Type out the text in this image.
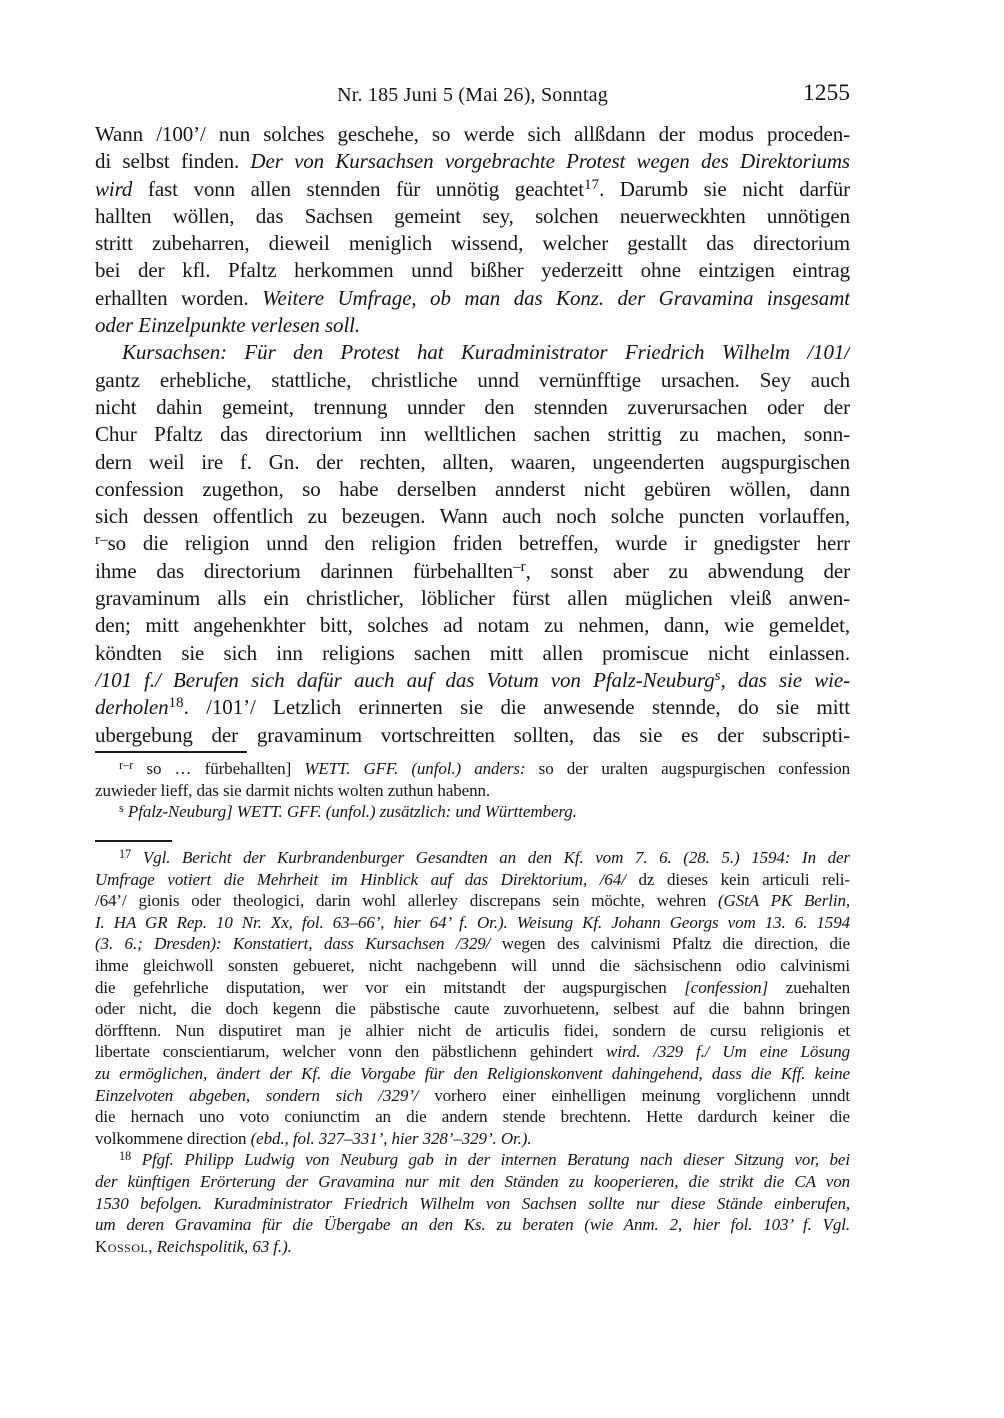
Nr. 185 Juni 5 (Mai 26), Sonntag	1255
Wann /100’/ nun solches geschehe, so werde sich allßdann der modus proceden-
di selbst finden. Der von Kursachsen vorgebrachte Protest wegen des Direktoriums
wird fast vonn allen stennden für unnötig geachtet$^{17}$. Darumb sie nicht darfür
hallten wöllen, das Sachsen gemeint sey, solchen neuerweckhten unnötigen
stritt zubeharren, dieweil meniglich wissend, welcher gestallt das directorium
bei der kfl. Pfaltz herkommen unnd bißher yederzeitt ohne eintzigen eintrag
erhallten worden. Weitere Umfrage, ob man das Konz. der Gravamina insgesamt
oder Einzelpunkte verlesen soll.
Kursachsen: Für den Protest hat Kuradministrator Friedrich Wilhelm /101/
gantz erhebliche, stattliche, christliche unnd vernünfftige ursachen. Sey auch
nicht dahin gemeint, trennung unnder den stennden zuverursachen oder der
Chur Pfaltz das directorium inn welltlichen sachen strittig zu machen, sonn-
dern weil ire f. Gn. der rechten, allten, waaren, ungeenderten augspurgischen
confession zugethon, so habe derselben annderst nicht gebüren wöllen, dann
sich dessen offentlich zu bezeugen. Wann auch noch solche puncten vorlauffen,
$^{r-}$so die religion unnd den religion friden betreffen, wurde ir gnedigster herr
ihme das directorium darinnen fürbehallten$^{-r}$, sonst aber zu abwendung der
gravaminum alls ein christlicher, löblicher fürst allen müglichen vleiß anwen-
den; mitt angehenkhter bitt, solches ad notam zu nehmen, dann, wie gemeldet,
köndten sie sich inn religions sachen mitt allen promiscue nicht einlassen.
/101 f./ Berufen sich dafür auch auf das Votum von Pfalz-Neuburg$^s$, das sie wie-
derholen$^{18}$. /101’/ Letzlich erinnerten sie die anwesende stennde, do sie mitt
ubergebung der gravaminum vortschreitten sollten, das sie es der subscripti-
$^{r-r}$ so … fürbehallten] WETT. GFF. (unfol.) anders: so der uralten augspurgischen confession
zuwieder lieff, das sie darmit nichts wolten zuthun habenn.
$^s$ Pfalz-Neuburg] WETT. GFF. (unfol.) zusätzlich: und Württemberg.
$^{17}$ Vgl. Bericht der Kurbrandenburger Gesandten an den Kf. vom 7. 6. (28. 5.) 1594: In der
Umfrage votiert die Mehrheit im Hinblick auf das Direktorium, /64/ dz dieses kein articuli reli-
/64’/ gionis oder theologici, darin wohl allerley discrepans sein möchte, wehren (GStA PK Berlin,
I. HA GR Rep. 10 Nr. Xx, fol. 63–66’, hier 64’ f. Or.). Weisung Kf. Johann Georgs vom 13. 6. 1594
(3. 6.; Dresden): Konstatiert, dass Kursachsen /329/ wegen des calvinismi Pfaltz die direction, die
ihme gleichwoll sonsten gebueret, nicht nachgebenn will unnd die sächsischenn odio calvinismi
die gefehrliche disputation, wer vor ein mitstandt der augspurgischen [confession] zuehalten
oder nicht, die doch kegenn die päbstische caute zuvorhuetenn, selbest auf die bahnn bringen
dörfftenn. Nun disputiret man je alhier nicht de articulis fidei, sondern de cursu religionis et
libertate conscientiarum, welcher vonn den päbstlichenn gehindert wird. /329 f./ Um eine Lösung
zu ermöglichen, ändert der Kf. die Vorgabe für den Religionskonvent dahingehend, dass die Kff. keine
Einzelvoten abgeben, sondern sich /329’/ vorhero einer einhelligen meinung vorglichenn unndt
die hernach uno voto coniunctim an die andern stende brechtenn. Hette dardurch keiner die
volkommene direction (ebd., fol. 327–331’, hier 328’–329’. Or.).
$^{18}$ Pfgf. Philipp Ludwig von Neuburg gab in der internen Beratung nach dieser Sitzung vor, bei
der künftigen Erörterung der Gravamina nur mit den Ständen zu kooperieren, die strikt die CA von
1530 befolgen. Kuradministrator Friedrich Wilhelm von Sachsen sollte nur diese Stände einberufen,
um deren Gravamina für die Übergabe an den Ks. zu beraten (wie Anm. 2, hier fol. 103’ f. Vgl.
Kossol, Reichspolitik, 63 f.).
